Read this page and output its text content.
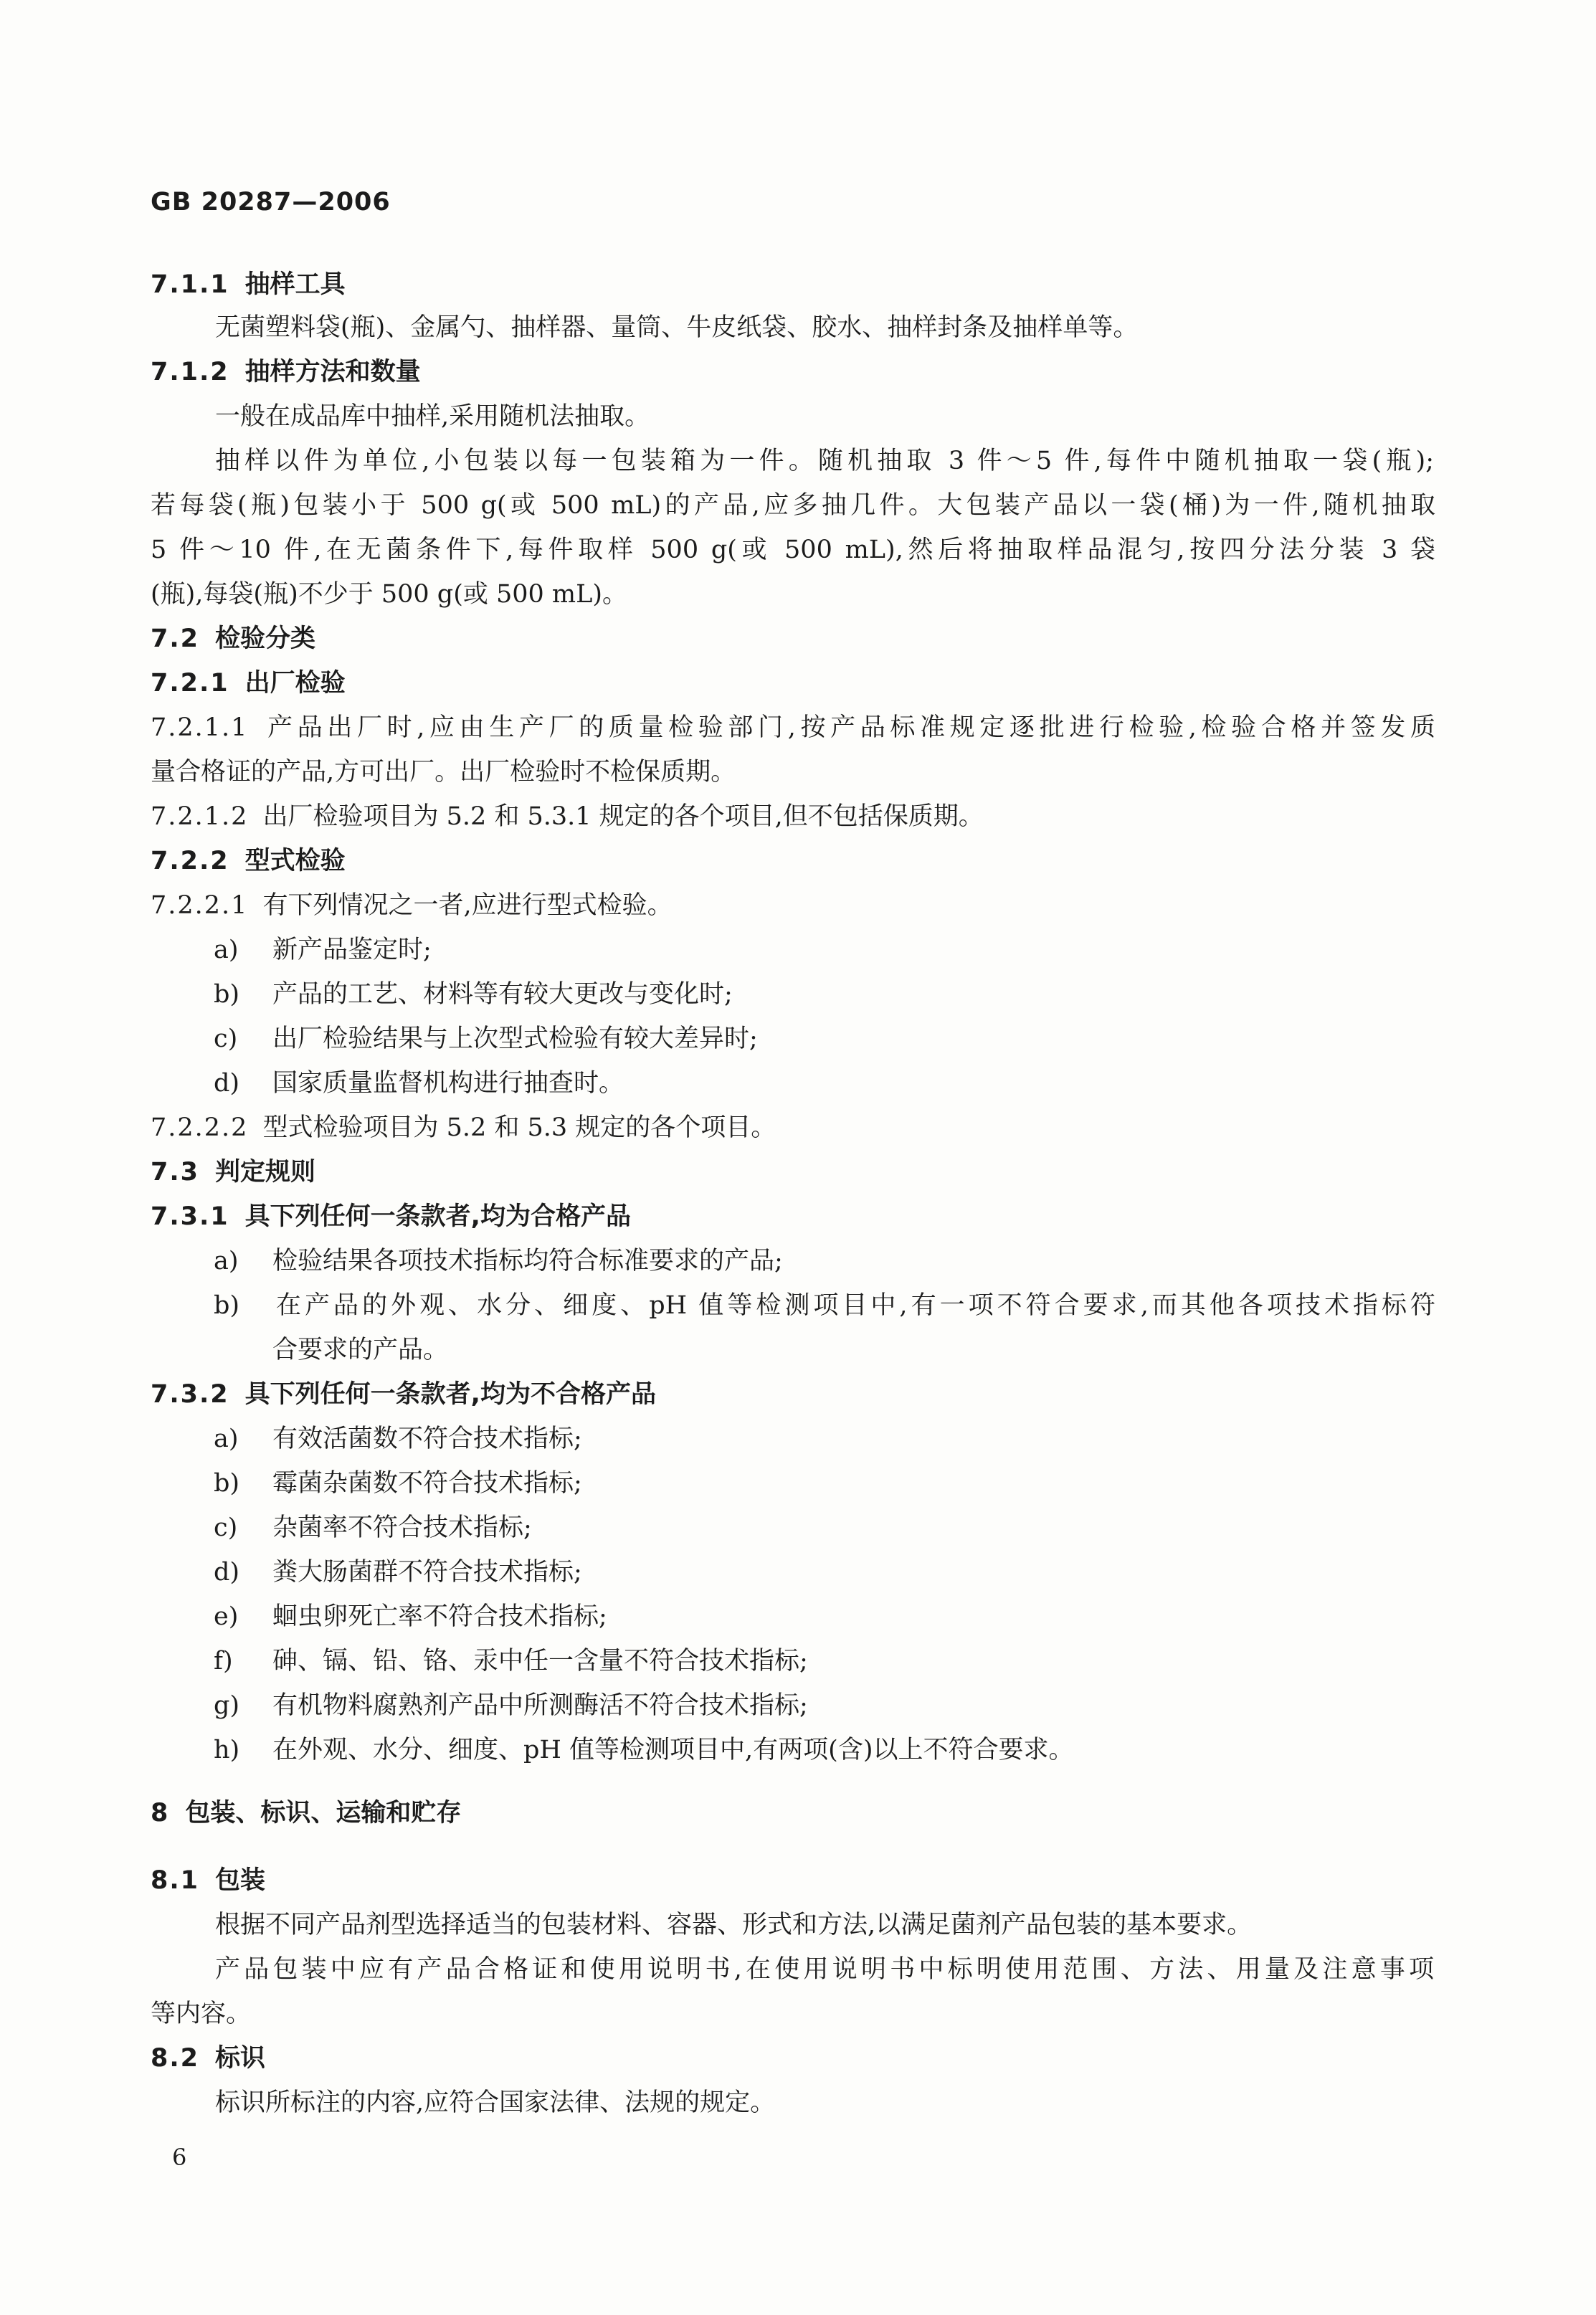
GB 20287—2006
7.1.1 抽样工具
无菌塑料袋(瓶)、金属勺、抽样器、量筒、牛皮纸袋、胶水、抽样封条及抽样单等。
7.1.2 抽样方法和数量
一般在成品库中抽样,采用随机法抽取。
抽样以件为单位,小包装以每一包装箱为一件。随机抽取 3 件～5 件,每件中随机抽取一袋(瓶);
若每袋(瓶)包装小于 500 g(或 500 mL)的产品,应多抽几件。大包装产品以一袋(桶)为一件,随机抽取
5 件～10 件,在无菌条件下,每件取样 500 g(或 500 mL),然后将抽取样品混匀,按四分法分装 3 袋
(瓶),每袋(瓶)不少于 500 g(或 500 mL)。
7.2 检验分类
7.2.1 出厂检验
7.2.1.1 产品出厂时,应由生产厂的质量检验部门,按产品标准规定逐批进行检验,检验合格并签发质
量合格证的产品,方可出厂。出厂检验时不检保质期。
7.2.1.2 出厂检验项目为 5.2 和 5.3.1 规定的各个项目,但不包括保质期。
7.2.2 型式检验
7.2.2.1 有下列情况之一者,应进行型式检验。
a) 新产品鉴定时;
b) 产品的工艺、材料等有较大更改与变化时;
c) 出厂检验结果与上次型式检验有较大差异时;
d) 国家质量监督机构进行抽查时。
7.2.2.2 型式检验项目为 5.2 和 5.3 规定的各个项目。
7.3 判定规则
7.3.1 具下列任何一条款者,均为合格产品
a) 检验结果各项技术指标均符合标准要求的产品;
b) 在产品的外观、水分、细度、pH 值等检测项目中,有一项不符合要求,而其他各项技术指标符
合要求的产品。
7.3.2 具下列任何一条款者,均为不合格产品
a) 有效活菌数不符合技术指标;
b) 霉菌杂菌数不符合技术指标;
c) 杂菌率不符合技术指标;
d) 粪大肠菌群不符合技术指标;
e) 蛔虫卵死亡率不符合技术指标;
f) 砷、镉、铅、铬、汞中任一含量不符合技术指标;
g) 有机物料腐熟剂产品中所测酶活不符合技术指标;
h) 在外观、水分、细度、pH 值等检测项目中,有两项(含)以上不符合要求。
8 包装、标识、运输和贮存
8.1 包装
根据不同产品剂型选择适当的包装材料、容器、形式和方法,以满足菌剂产品包装的基本要求。
产品包装中应有产品合格证和使用说明书,在使用说明书中标明使用范围、方法、用量及注意事项
等内容。
8.2 标识
标识所标注的内容,应符合国家法律、法规的规定。
6
